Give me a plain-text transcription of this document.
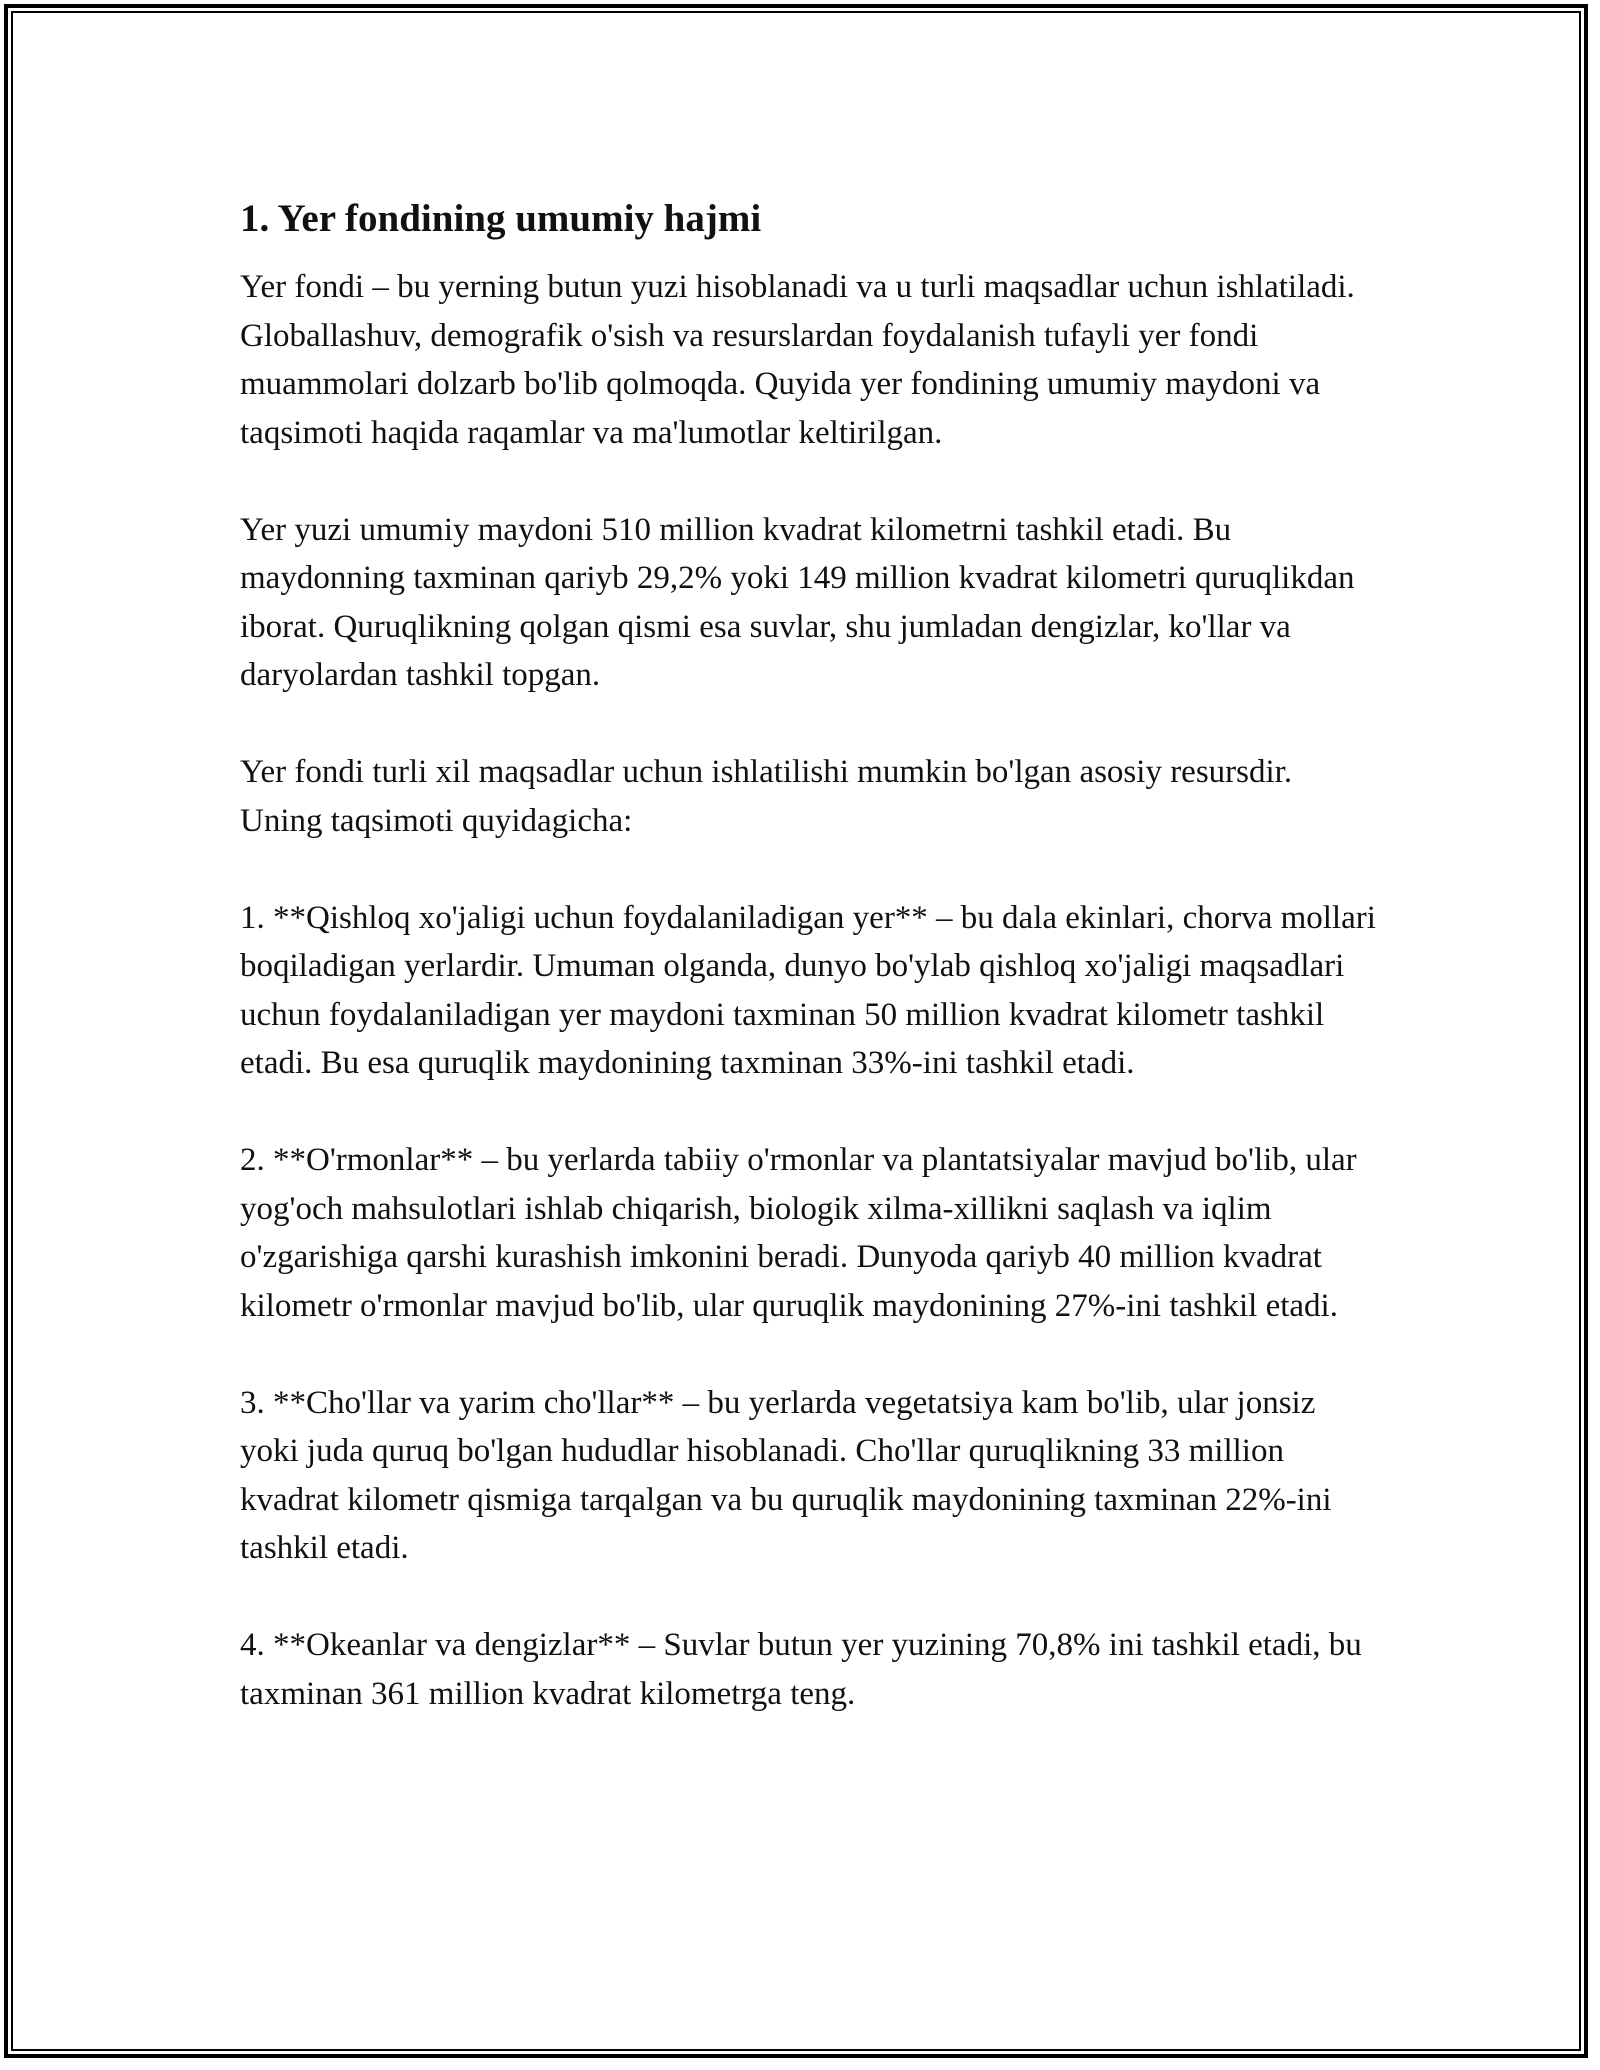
1. Yer fondining umumiy hajmi

Yer fondi – bu yerning butun yuzi hisoblanadi va u turli maqsadlar uchun ishlatiladi. Globallashuv, demografik o'sish va resurslardan foydalanish tufayli yer fondi muammolari dolzarb bo'lib qolmoqda. Quyida yer fondining umumiy maydoni va taqsimoti haqida raqamlar va ma'lumotlar keltirilgan.

Yer yuzi umumiy maydoni 510 million kvadrat kilometrni tashkil etadi. Bu maydonning taxminan qariyb 29,2% yoki 149 million kvadrat kilometri quruqlikdan iborat. Quruqlikning qolgan qismi esa suvlar, shu jumladan dengizlar, ko'llar va daryolardan tashkil topgan.

Yer fondi turli xil maqsadlar uchun ishlatilishi mumkin bo'lgan asosiy resursdir. Uning taqsimoti quyidagicha:

1. **Qishloq xo'jaligi uchun foydalaniladigan yer** – bu dala ekinlari, chorva mollari boqiladigan yerlardir. Umuman olganda, dunyo bo'ylab qishloq xo'jaligi maqsadlari uchun foydalaniladigan yer maydoni taxminan 50 million kvadrat kilometr tashkil etadi. Bu esa quruqlik maydonining taxminan 33%-ini tashkil etadi.

2. **O'rmonlar** – bu yerlarda tabiiy o'rmonlar va plantatsiyalar mavjud bo'lib, ular yog'och mahsulotlari ishlab chiqarish, biologik xilma-xillikni saqlash va iqlim o'zgarishiga qarshi kurashish imkonini beradi. Dunyoda qariyb 40 million kvadrat kilometr o'rmonlar mavjud bo'lib, ular quruqlik maydonining 27%-ini tashkil etadi.

3. **Cho'llar va yarim cho'llar** – bu yerlarda vegetatsiya kam bo'lib, ular jonsiz yoki juda quruq bo'lgan hududlar hisoblanadi. Cho'llar quruqlikning 33 million kvadrat kilometr qismiga tarqalgan va bu quruqlik maydonining taxminan 22%-ini tashkil etadi.

4. **Okeanlar va dengizlar** – Suvlar butun yer yuzining 70,8% ini tashkil etadi, bu taxminan 361 million kvadrat kilometrga teng.
